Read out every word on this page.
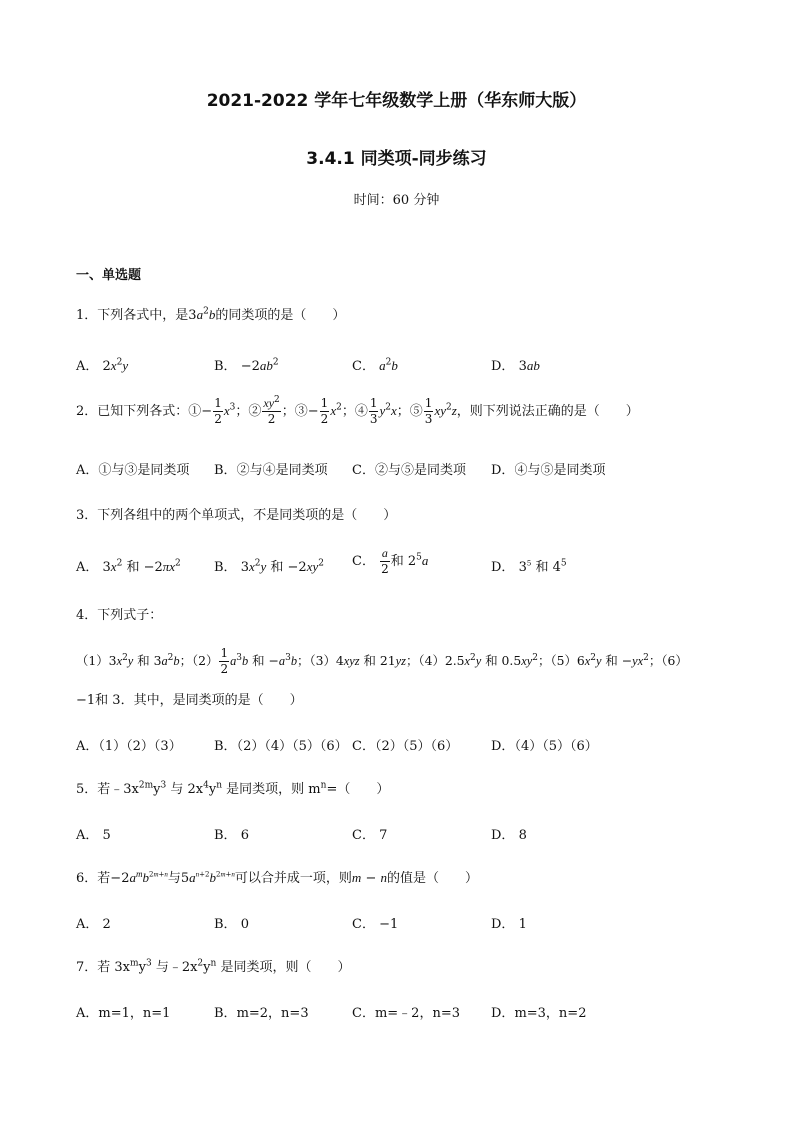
2021-2022 学年七年级数学上册（华东师大版）
3.4.1 同类项-同步练习
时间：60 分钟
一、单选题
1．下列各式中，是$3a^2b$的同类项的是（　　）
A． $2x^2y$	B． $-2ab^2$	C． $a^2b$	D． 3ab
2．已知下列各式：①− $\frac{1}{2} x^3$；② $\frac{xy^2}{2}$ ；③− $\frac{1}{2} x^2$；④ $\frac{1}{3} y^2x$；⑤ $\frac{1}{3} xy^2z$，则下列说法正确的是（　　）
A．①与③是同类项 B．②与④是同类项 C．②与⑤是同类项 D．④与⑤是同类项
3．下列各组中的两个单项式，不是同类项的是（　　）
A． $3x^2$ 和 $-2\pi x^2$	B． $3x^2y$ 和 $-2xy^2$ C． $\frac{a}{2}$ 和 $2^5a$	D． $3^5$ 和 $4^5$
4．下列式子：
$(1)3x^2y$ 和 $3a^2b$；$(2) \frac{1}{2} a^3b$ 和 $-a^3b$；（3）4xyz 和 21yz；$(4)2.5x^2y$ 和 $0.5xy^2$；$(5)6x^2y$ 和 $-yx^2$；（6）
−1和 3．其中，是同类项的是（　　）
A．（1）（2）（3） B．（2）（4）（5）（6） C．（2）（5）（6）	D．（4）（5）（6）
5．若$﹣3x^{2m}y^3$ 与 $2x^4y^n$ 是同类项，则 $m^n=$（　　）
A． 5	B． 6	C． 7	D． 8
6．若$-2a^mb^{2m+n}$与$5a^{n+2}b^{2m+n}$可以合并成一项，则m − n的值是（　　）
A． 2	B． 0	C． −1	D． 1
7．若 $3x^my^3$ 与$﹣2x^2y^n$ 是同类项，则（　　）
A．m=1，n=1	B．m=2，n=3	C．m=﹣2，n=3 D．m=3，n=2
